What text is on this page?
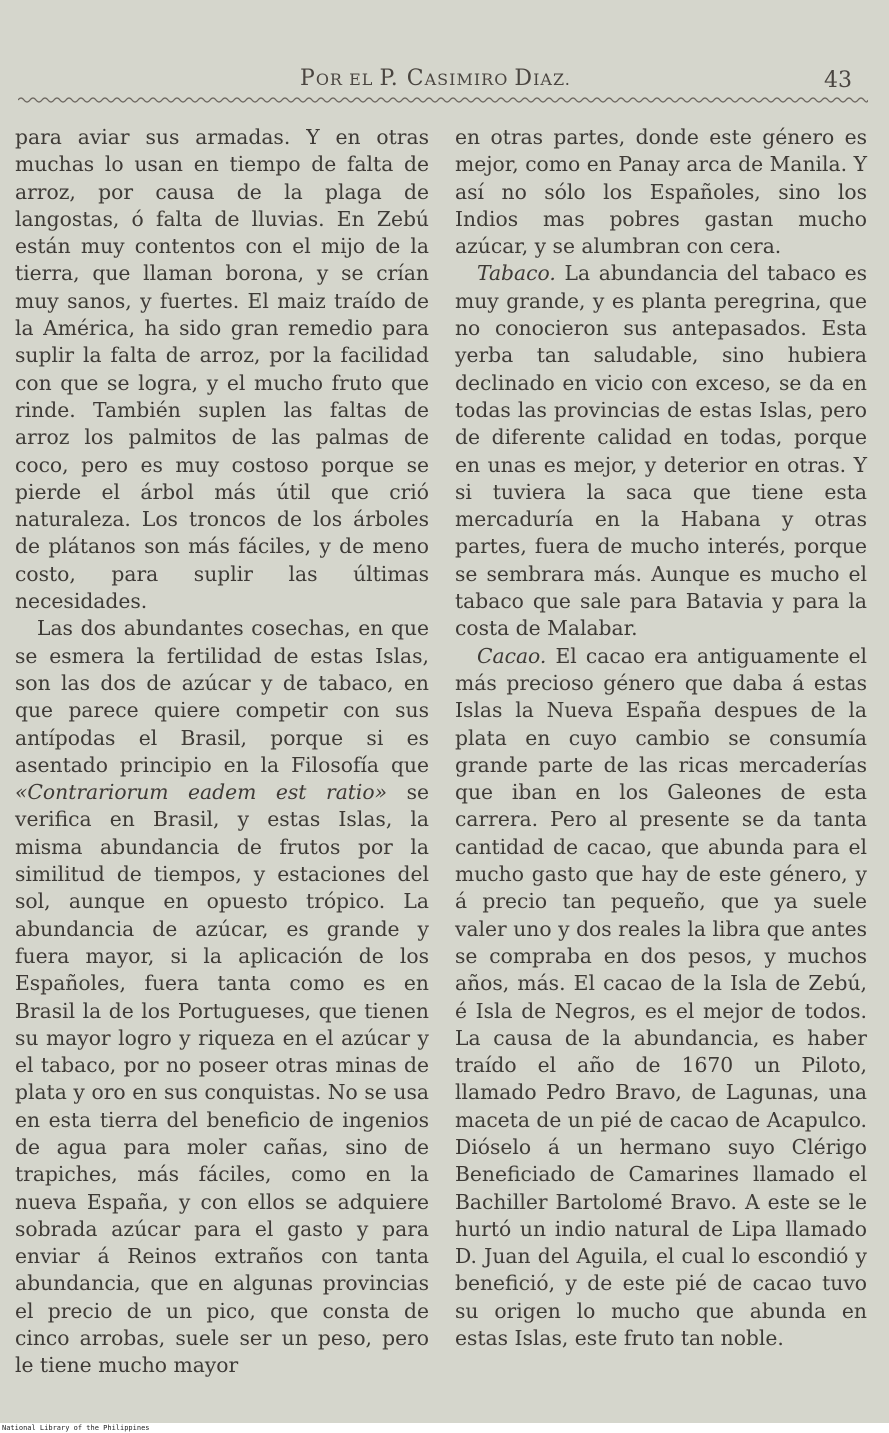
POR EL P. CASIMIRO DIAZ.	43

para aviar sus armadas. Y en otras muchas lo usan en tiempo de falta de arroz, por causa de la plaga de langostas, ó falta de lluvias. En Zebú están muy contentos con el mijo de la tierra, que llaman borona, y se crían muy sanos, y fuertes. El maiz traído de la América, ha sido gran remedio para suplir la falta de arroz, por la facilidad con que se logra, y el mucho fruto que rinde. También suplen las faltas de arroz los palmitos de las palmas de coco, pero es muy costoso porque se pierde el árbol más útil que crió naturaleza. Los troncos de los árboles de plátanos son más fáciles, y de meno costo, para suplir las últimas necesidades.

Las dos abundantes cosechas, en que se esmera la fertilidad de estas Islas, son las dos de azúcar y de tabaco, en que parece quiere competir con sus antípodas el Brasil, porque si es asentado principio en la Filosofía que «Contrariorum eadem est ratio» se verifica en Brasil, y estas Islas, la misma abundancia de frutos por la similitud de tiempos, y estaciones del sol, aunque en opuesto trópico. La abundancia de azúcar, es grande y fuera mayor, si la aplicación de los Españoles, fuera tanta como es en Brasil la de los Portugueses, que tienen su mayor logro y riqueza en el azúcar y el tabaco, por no poseer otras minas de plata y oro en sus conquistas. No se usa en esta tierra del beneficio de ingenios de agua para moler cañas, sino de trapiches, más fáciles, como en la nueva España, y con ellos se adquiere sobrada azúcar para el gasto y para enviar á Reinos extraños con tanta abundancia, que en algunas provincias el precio de un pico, que consta de cinco arrobas, suele ser un peso, pero le tiene mucho mayor

en otras partes, donde este género es mejor, como en Panay arca de Manila. Y así no sólo los Españoles, sino los Indios mas pobres gastan mucho azúcar, y se alumbran con cera.

Tabaco. La abundancia del tabaco es muy grande, y es planta peregrina, que no conocieron sus antepasados. Esta yerba tan saludable, sino hubiera declinado en vicio con exceso, se da en todas las provincias de estas Islas, pero de diferente calidad en todas, porque en unas es mejor, y deterior en otras. Y si tuviera la saca que tiene esta mercaduría en la Habana y otras partes, fuera de mucho interés, porque se sembrara más. Aunque es mucho el tabaco que sale para Batavia y para la costa de Malabar.

Cacao. El cacao era antiguamente el más precioso género que daba á estas Islas la Nueva España despues de la plata en cuyo cambio se consumía grande parte de las ricas mercaderías que iban en los Galeones de esta carrera. Pero al presente se da tanta cantidad de cacao, que abunda para el mucho gasto que hay de este género, y á precio tan pequeño, que ya suele valer uno y dos reales la libra que antes se compraba en dos pesos, y muchos años, más. El cacao de la Isla de Zebú, é Isla de Negros, es el mejor de todos. La causa de la abundancia, es haber traído el año de 1670 un Piloto, llamado Pedro Bravo, de Lagunas, una maceta de un pié de cacao de Acapulco. Dióselo á un hermano suyo Clérigo Beneficiado de Camarines llamado el Bachiller Bartolomé Bravo. A este se le hurtó un indio natural de Lipa llamado D. Juan del Aguila, el cual lo escondió y benefició, y de este pié de cacao tuvo su origen lo mucho que abunda en estas Islas, este fruto tan noble.

National Library of the Philippines
